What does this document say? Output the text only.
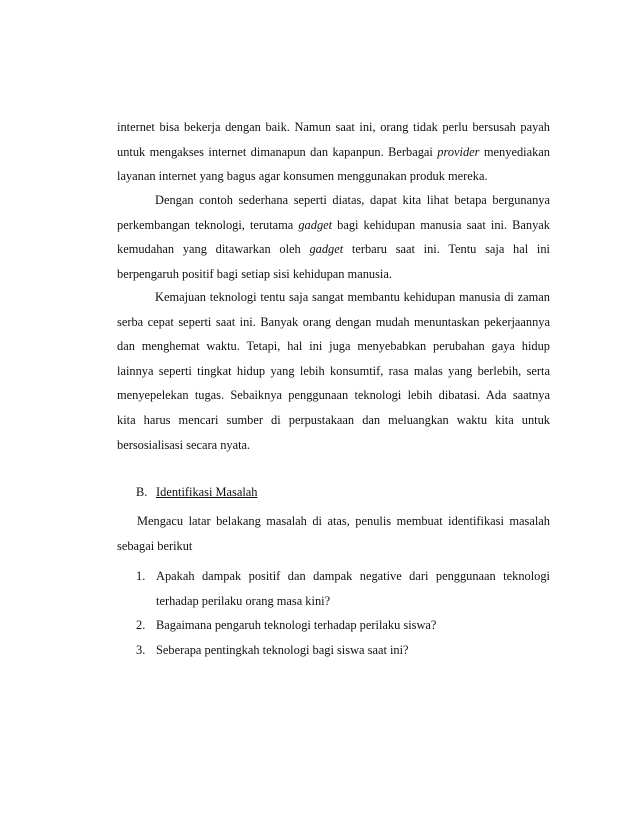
internet bisa bekerja dengan baik. Namun saat ini, orang tidak perlu bersusah payah
untuk mengakses internet dimanapun dan kapanpun. Berbagai provider menyediakan
layanan internet yang bagus agar konsumen menggunakan produk mereka.
Dengan contoh sederhana seperti diatas, dapat kita lihat betapa bergunanya
perkembangan teknologi, terutama gadget bagi kehidupan manusia saat ini. Banyak
kemudahan yang ditawarkan oleh gadget terbaru saat ini. Tentu saja hal ini
berpengaruh positif bagi setiap sisi kehidupan manusia.
Kemajuan teknologi tentu saja sangat membantu kehidupan manusia di zaman
serba cepat seperti saat ini. Banyak orang dengan mudah menuntaskan pekerjaannya
dan menghemat waktu. Tetapi, hal ini juga menyebabkan perubahan gaya hidup
lainnya seperti tingkat hidup yang lebih konsumtif, rasa malas yang berlebih, serta
menyepelekan tugas. Sebaiknya penggunaan teknologi lebih dibatasi. Ada saatnya
kita harus mencari sumber di perpustakaan dan meluangkan waktu kita untuk
bersosialisasi secara nyata.
B. Identifikasi Masalah
Mengacu latar belakang masalah di atas, penulis membuat identifikasi masalah
sebagai berikut
1. Apakah dampak positif dan dampak negative dari penggunaan teknologi
terhadap perilaku orang masa kini?
2. Bagaimana pengaruh teknologi terhadap perilaku siswa?
3. Seberapa pentingkah teknologi bagi siswa saat ini?
